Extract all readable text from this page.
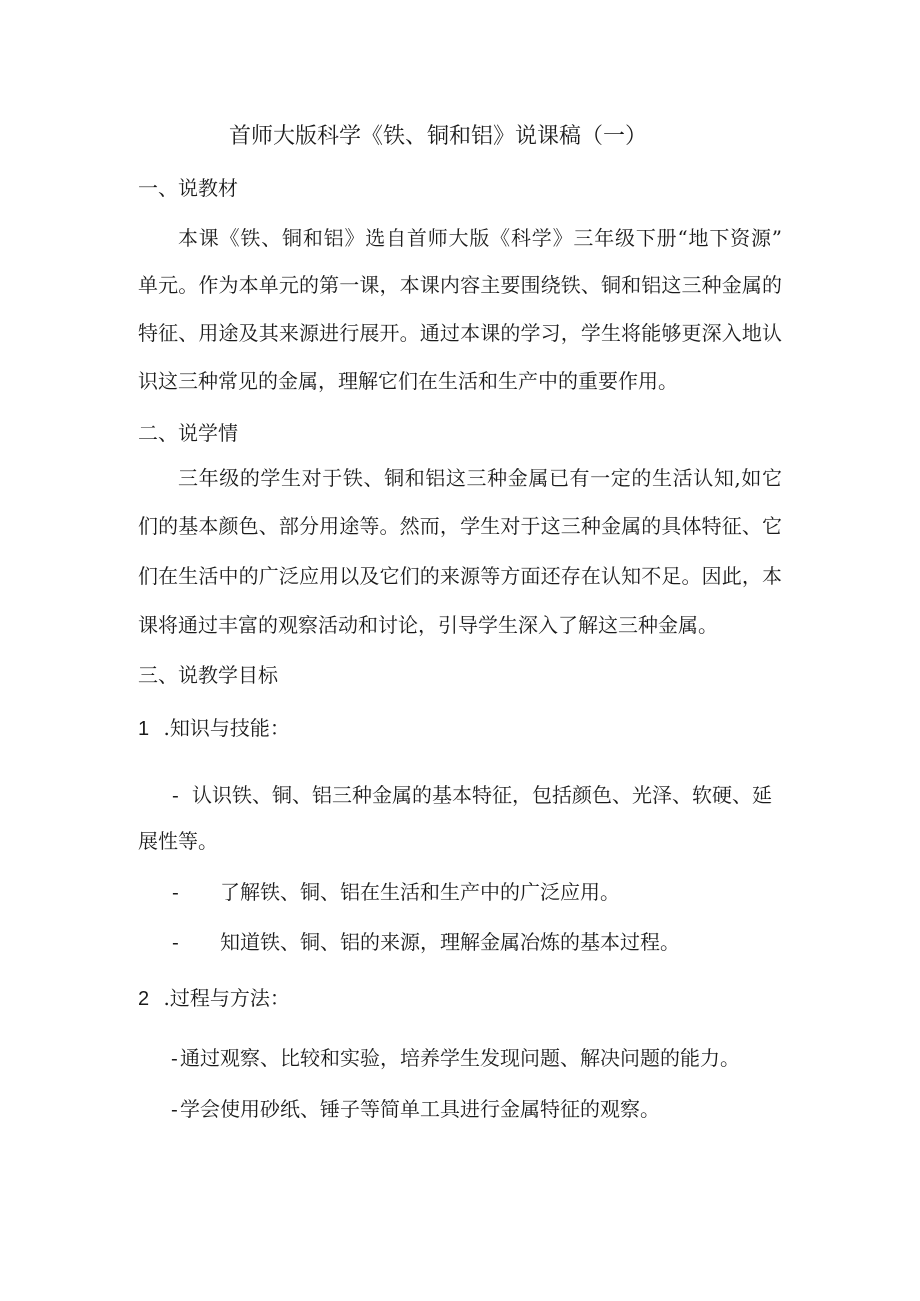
首师大版科学《铁、铜和铝》说课稿（一）
一、说教材
本课《铁、铜和铝》选自首师大版《科学》三年级下册“地下资源”
单元。作为本单元的第一课，本课内容主要围绕铁、铜和铝这三种金属的
特征、用途及其来源进行展开。通过本课的学习，学生将能够更深入地认
识这三种常见的金属，理解它们在生活和生产中的重要作用。
二、说学情
三年级的学生对于铁、铜和铝这三种金属已有一定的生活认知,如它
们的基本颜色、部分用途等。然而，学生对于这三种金属的具体特征、它
们在生活中的广泛应用以及它们的来源等方面还存在认知不足。因此，本
课将通过丰富的观察活动和讨论，引导学生深入了解这三种金属。
三、说教学目标
1 .知识与技能：
- 认识铁、铜、铝三种金属的基本特征，包括颜色、光泽、软硬、延
展性等。
- 了解铁、铜、铝在生活和生产中的广泛应用。
- 知道铁、铜、铝的来源，理解金属冶炼的基本过程。
2 .过程与方法：
- 通过观察、比较和实验，培养学生发现问题、解决问题的能力。
- 学会使用砂纸、锤子等简单工具进行金属特征的观察。
